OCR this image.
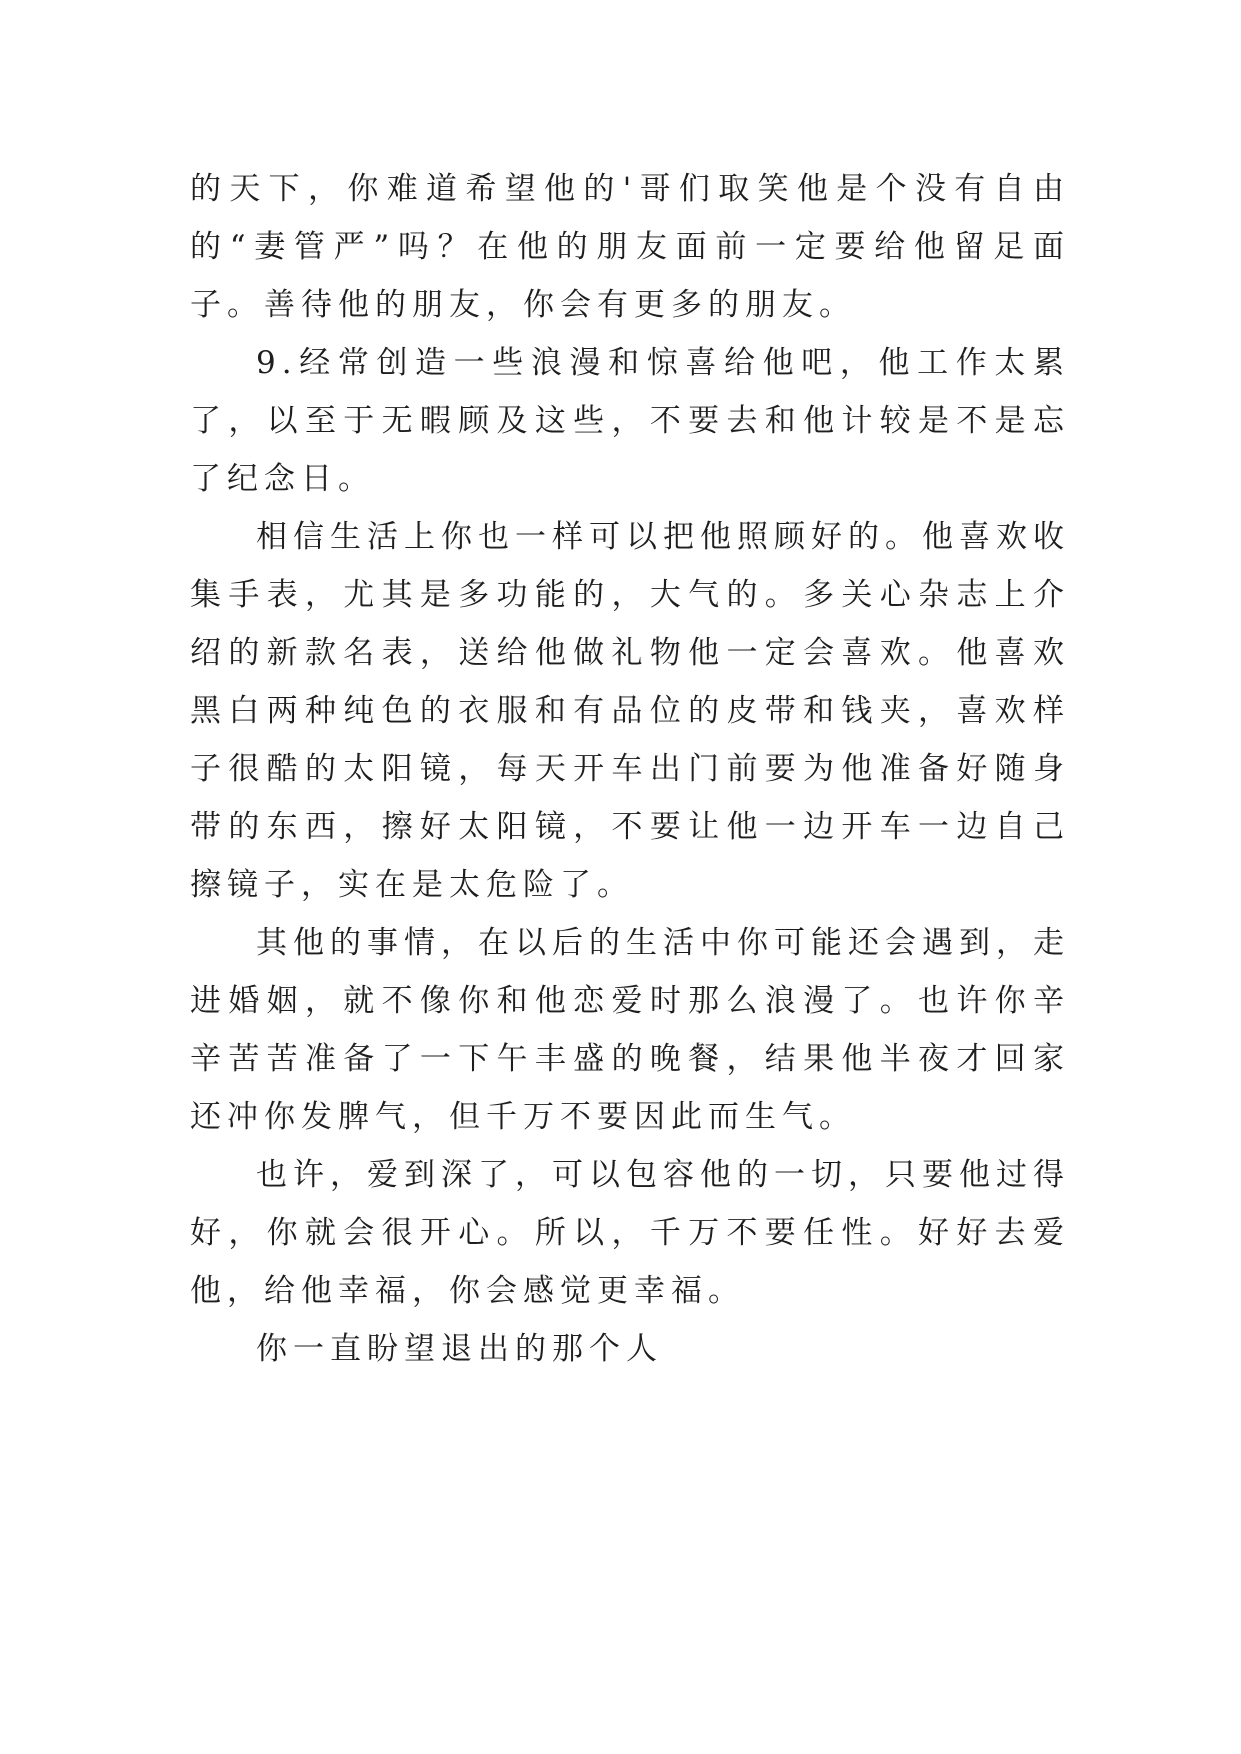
的天下，你难道希望他的'哥们取笑他是个没有自由的“妻管严”吗？在他的朋友面前一定要给他留足面子。善待他的朋友，你会有更多的朋友。

9.经常创造一些浪漫和惊喜给他吧，他工作太累了，以至于无暇顾及这些，不要去和他计较是不是忘了纪念日。

相信生活上你也一样可以把他照顾好的。他喜欢收集手表，尤其是多功能的，大气的。多关心杂志上介绍的新款名表，送给他做礼物他一定会喜欢。他喜欢黑白两种纯色的衣服和有品位的皮带和钱夹，喜欢样子很酷的太阳镜，每天开车出门前要为他准备好随身带的东西，擦好太阳镜，不要让他一边开车一边自己擦镜子，实在是太危险了。

其他的事情，在以后的生活中你可能还会遇到，走进婚姻，就不像你和他恋爱时那么浪漫了。也许你辛辛苦苦准备了一下午丰盛的晚餐，结果他半夜才回家还冲你发脾气，但千万不要因此而生气。

也许，爱到深了，可以包容他的一切，只要他过得好，你就会很开心。所以，千万不要任性。好好去爱他，给他幸福，你会感觉更幸福。

你一直盼望退出的那个人
